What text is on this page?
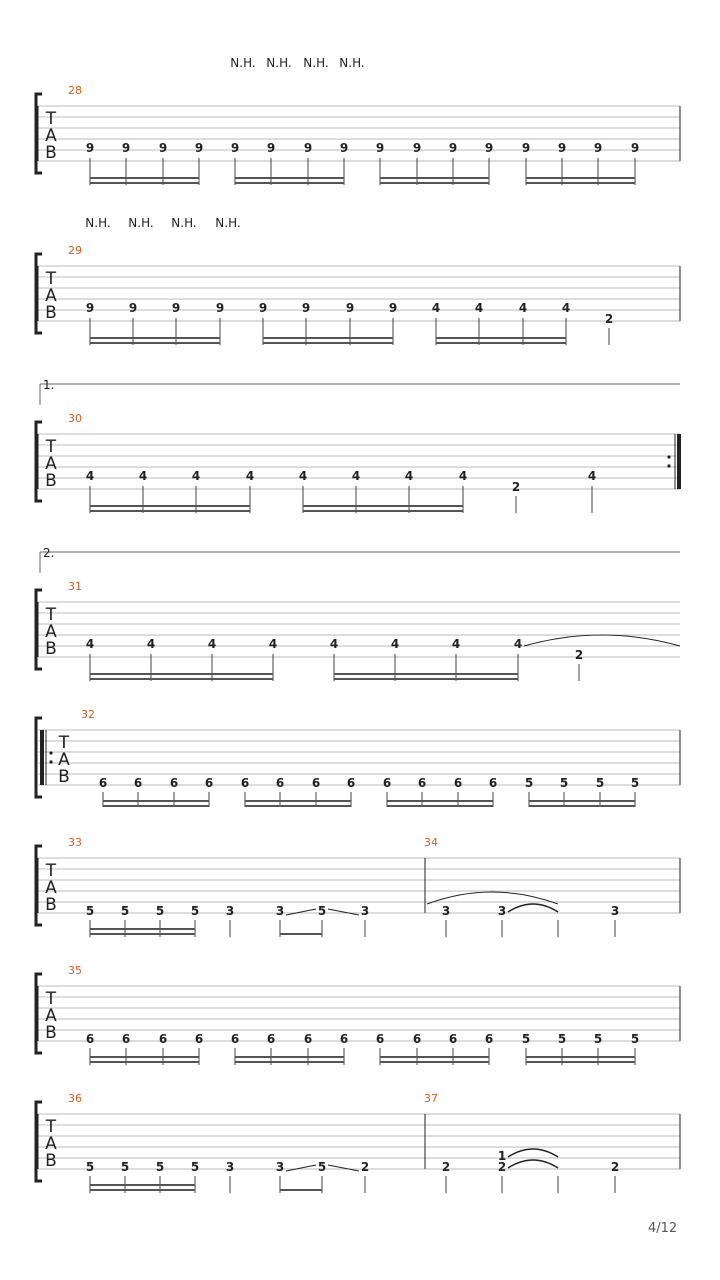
T
A
B
28
N.H. N.H. N.H. N.H.
9 9 9 9 9 9 9 9 9 9 9 9 9 9 9 9
T
A
B
29
N.H. N.H. N.H. N.H.
9	9	9	9	9	9	9	9	4	4	4	4
2
1.
T
A
B
30
4	4	4	4	4	4	4	4
2
4
2.
T
A
B
31
4	4	4	4	4	4	4	4
2
T
A
B
32
6 6 6 6 6 6 6 6 6 6 6 6 5 5 5 5
T
A
B
33	34
5 5 5 5 3	3	5	3	3	3	3
T
A
B
35
6 6 6 6 6 6 6 6 6 6 6 6 5 5 5 5
T
A
B
36	37
5 5 5 5 3	3	5	2	2
1
2	2
4/12
